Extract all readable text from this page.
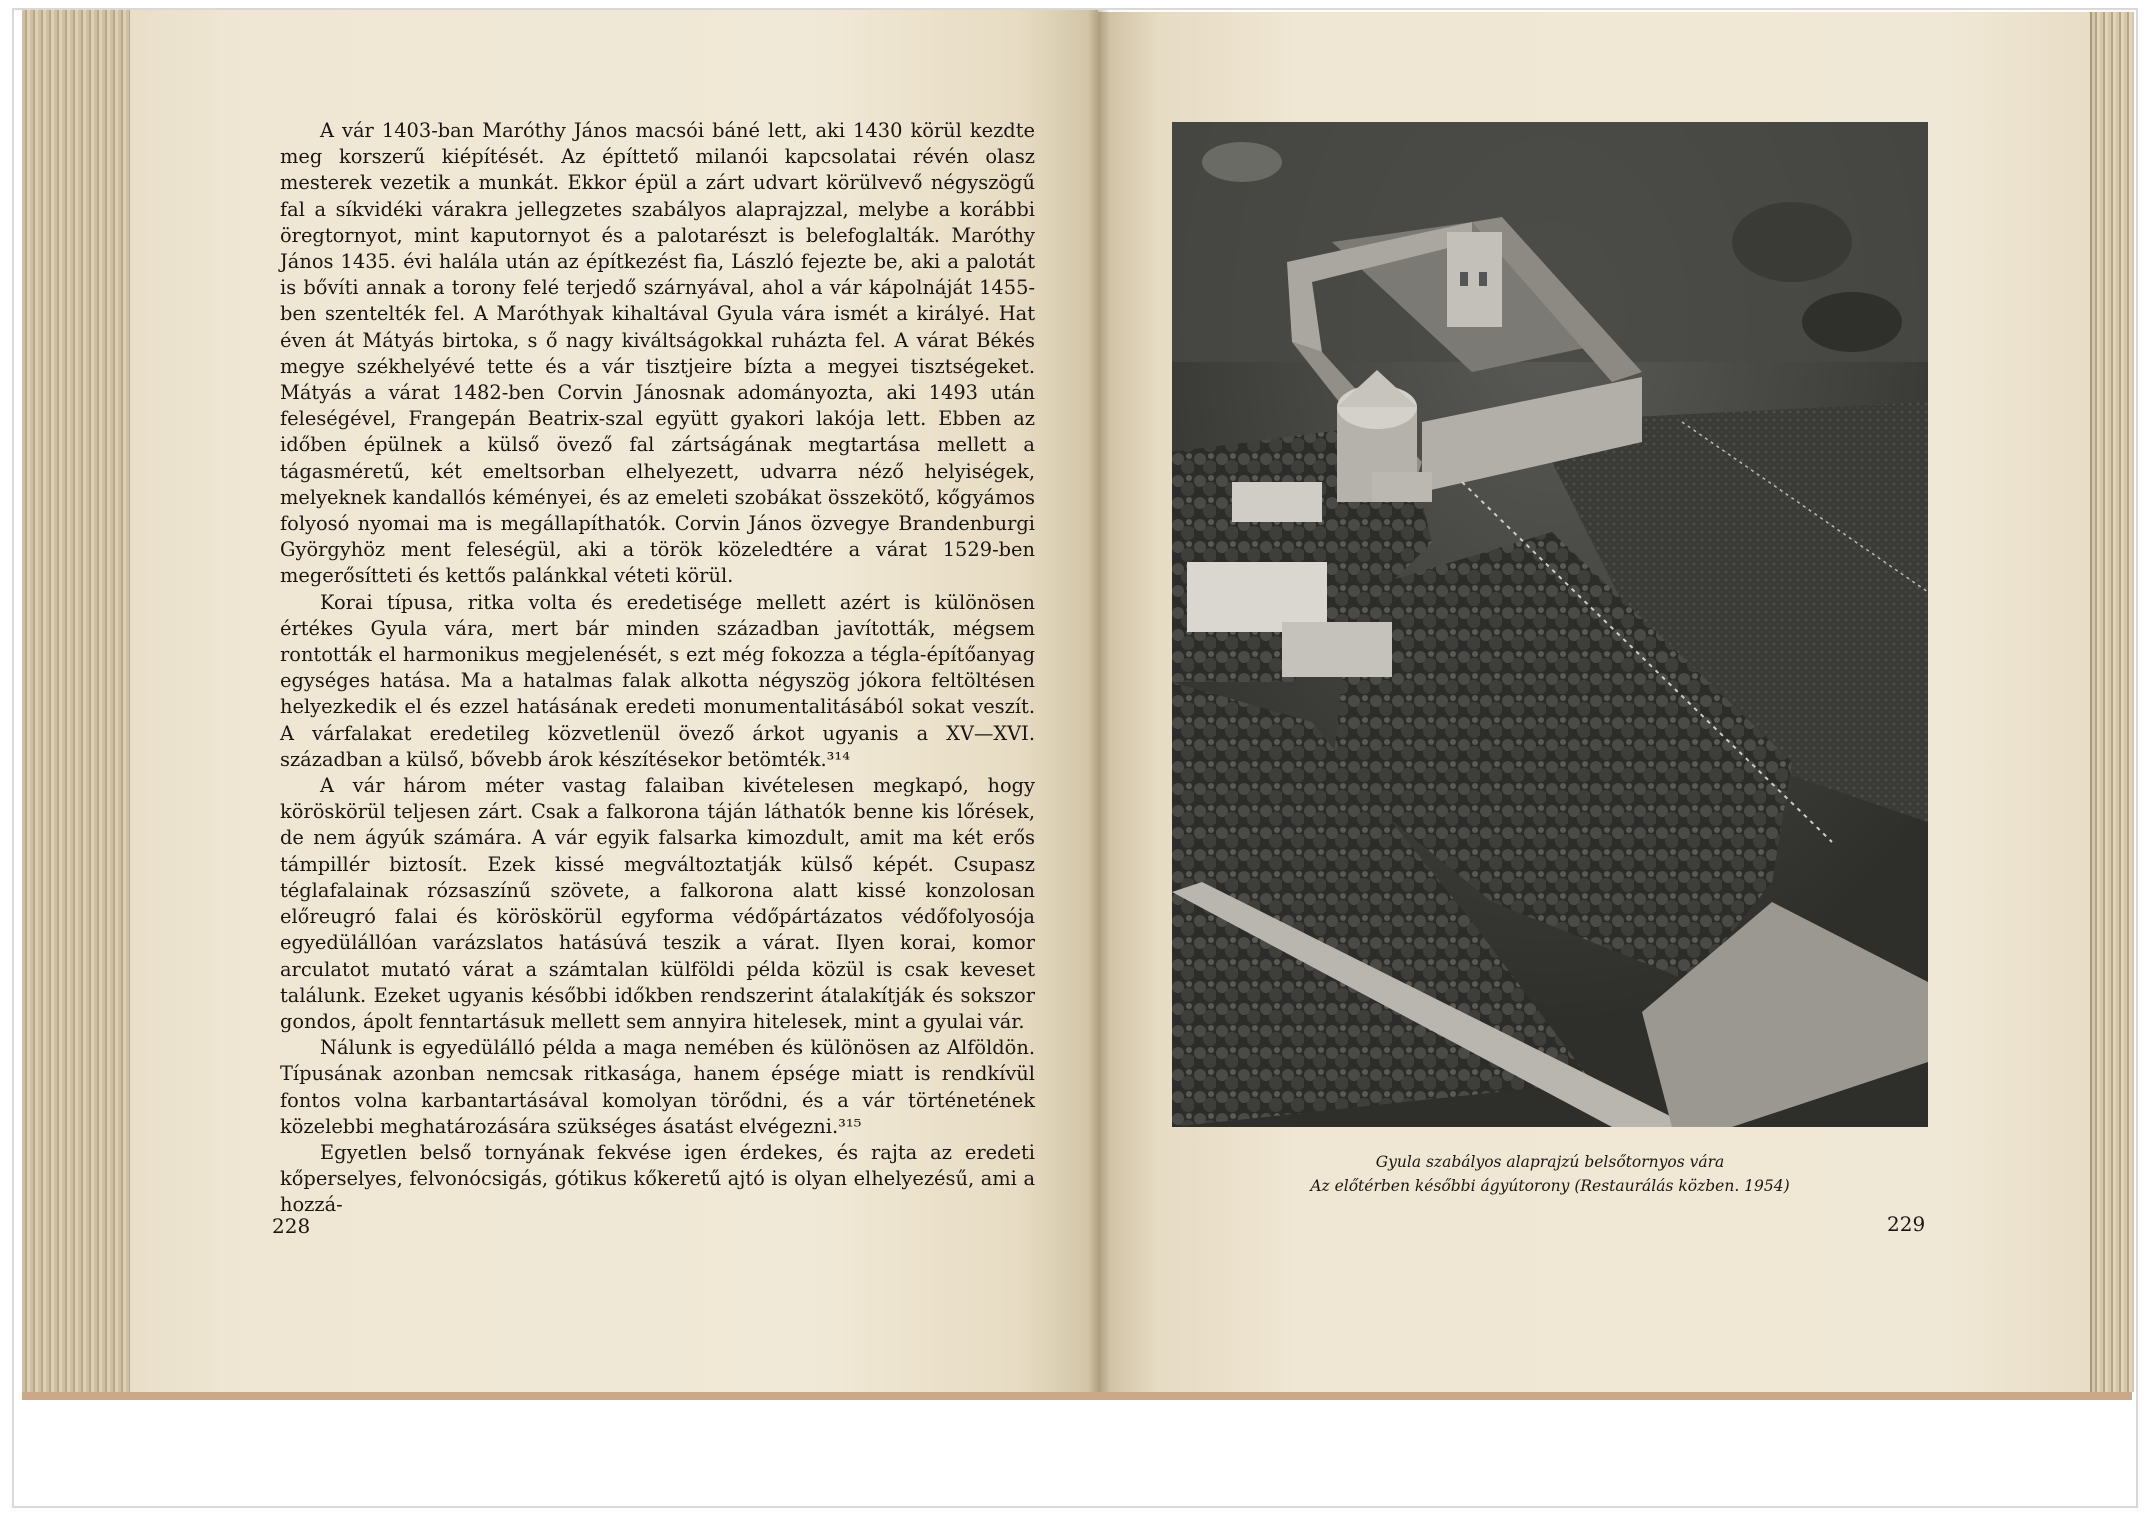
A vár 1403-ban Maróthy János macsói báné lett, aki 1430 körül kezdte meg korszerű kiépítését. Az építtető milanói kapcsolatai révén olasz mesterek vezetik a munkát. Ekkor épül a zárt udvart körülvevő négyszögű fal a síkvidéki várakra jellegzetes szabályos alaprajzzal, melybe a korábbi öregtornyot, mint kaputornyot és a palotarészt is belefoglalták. Maróthy János 1435. évi halála után az építkezést fia, László fejezte be, aki a palotát is bővíti annak a torony felé terjedő szárnyával, ahol a vár kápolnáját 1455-ben szentelték fel. A Maróthyak kihaltával Gyula vára ismét a királyé. Hat éven át Mátyás birtoka, s ő nagy kiváltságokkal ruházta fel. A várat Békés megye székhelyévé tette és a vár tisztjeire bízta a megyei tisztségeket. Mátyás a várat 1482-ben Corvin Jánosnak adományozta, aki 1493 után feleségével, Frangepán Beatrix-szal együtt gyakori lakója lett. Ebben az időben épülnek a külső övező fal zártságának megtartása mellett a tágasméretű, két emeltsorban elhelyezett, udvarra néző helyiségek, melyeknek kandallós kéményei, és az emeleti szobákat összekötő, kőgyámos folyosó nyomai ma is megállapíthatók. Corvin János özvegye Brandenburgi Györgyhöz ment feleségül, aki a török közeledtére a várat 1529-ben megerősítteti és kettős palánkkal véteti körül.

Korai típusa, ritka volta és eredetisége mellett azért is különösen értékes Gyula vára, mert bár minden században javították, mégsem rontották el harmonikus megjelenését, s ezt még fokozza a tégla-építőanyag egységes hatása. Ma a hatalmas falak alkotta négyszög jókora feltöltésen helyezkedik el és ezzel hatásának eredeti monumentalitásából sokat veszít. A várfalakat eredetileg közvetlenül övező árkot ugyanis a XV—XVI. században a külső, bővebb árok készítésekor betömték.³¹⁴

A vár három méter vastag falaiban kivételesen megkapó, hogy köröskörül teljesen zárt. Csak a falkorona táján láthatók benne kis lőrések, de nem ágyúk számára. A vár egyik falsarka kimozdult, amit ma két erős támpillér biztosít. Ezek kissé megváltoztatják külső képét. Csupasz téglafalainak rózsaszínű szövete, a falkorona alatt kissé konzolosan előreugró falai és köröskörül egyforma védőpártázatos védőfolyosója egyedülállóan varázslatos hatásúvá teszik a várat. Ilyen korai, komor arculatot mutató várat a számtalan külföldi példa közül is csak keveset találunk. Ezeket ugyanis későbbi időkben rendszerint átalakítják és sokszor gondos, ápolt fenntartásuk mellett sem annyira hitelesek, mint a gyulai vár.

Nálunk is egyedülálló példa a maga nemében és különösen az Alföldön. Típusának azonban nemcsak ritkasága, hanem épsége miatt is rendkívül fontos volna karbantartásával komolyan törődni, és a vár történetének közelebbi meghatározására szükséges ásatást elvégezni.³¹⁵

Egyetlen belső tornyának fekvése igen érdekes, és rajta az eredeti kőperselyes, felvonócsigás, gótikus kőkeretű ajtó is olyan elhelyezésű, ami a hozzá-

228
Gyula szabályos alaprajzú belsőtornyos vára
Az előtérben későbbi ágyútorony (Restaurálás közben. 1954)
229
